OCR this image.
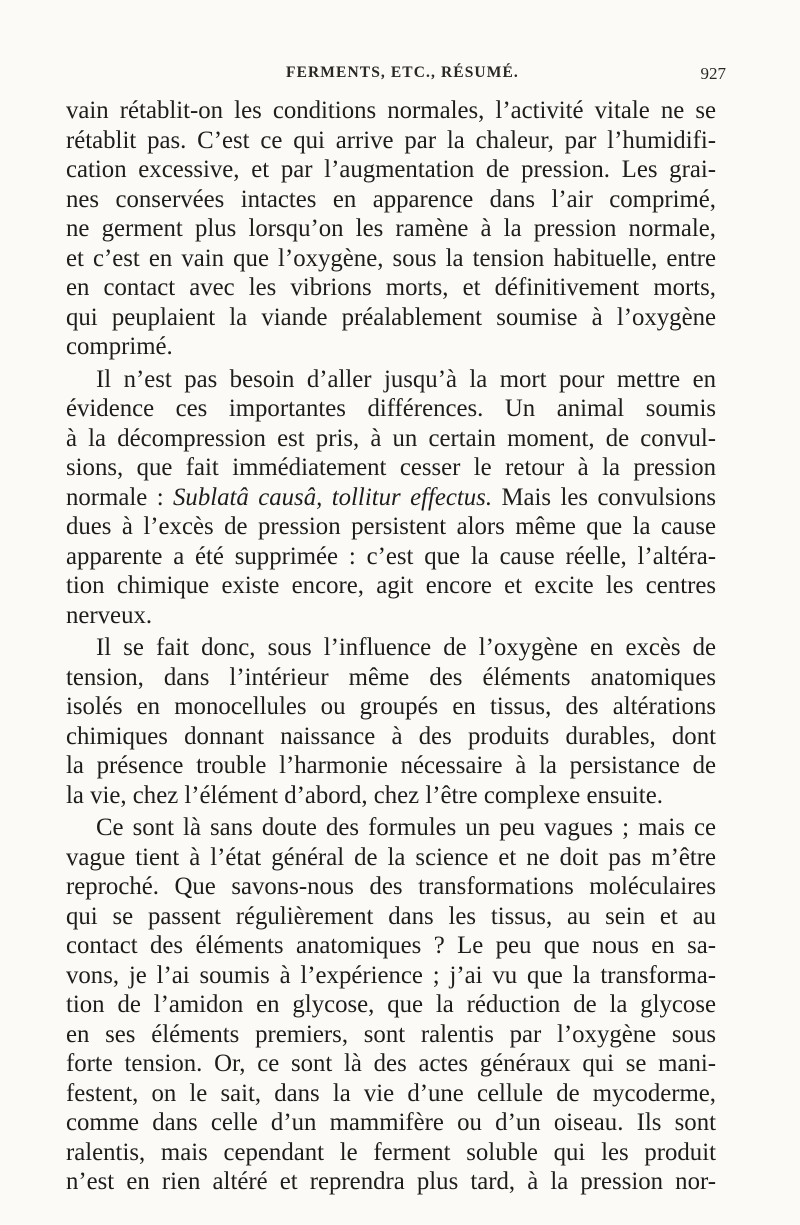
FERMENTS, ETC., RÉSUMÉ.	927
vain rétablit-on les conditions normales, l’activité vitale ne se
rétablit pas. C’est ce qui arrive par la chaleur, par l’humidifi-
cation excessive, et par l’augmentation de pression. Les grai-
nes conservées intactes en apparence dans l’air comprimé,
ne germent plus lorsqu’on les ramène à la pression normale,
et c’est en vain que l’oxygène, sous la tension habituelle, entre
en contact avec les vibrions morts, et définitivement morts,
qui peuplaient la viande préalablement soumise à l’oxygène
comprimé.
Il n’est pas besoin d’aller jusqu’à la mort pour mettre en
évidence ces importantes différences. Un animal soumis
à la décompression est pris, à un certain moment, de convul-
sions, que fait immédiatement cesser le retour à la pression
normale : Sublatâ causâ, tollitur effectus. Mais les convulsions
dues à l’excès de pression persistent alors même que la cause
apparente a été supprimée : c’est que la cause réelle, l’altéra-
tion chimique existe encore, agit encore et excite les centres
nerveux.
Il se fait donc, sous l’influence de l’oxygène en excès de
tension, dans l’intérieur même des éléments anatomiques
isolés en monocellules ou groupés en tissus, des altérations
chimiques donnant naissance à des produits durables, dont
la présence trouble l’harmonie nécessaire à la persistance de
la vie, chez l’élément d’abord, chez l’être complexe ensuite.
Ce sont là sans doute des formules un peu vagues ; mais ce
vague tient à l’état général de la science et ne doit pas m’être
reproché. Que savons-nous des transformations moléculaires
qui se passent régulièrement dans les tissus, au sein et au
contact des éléments anatomiques ? Le peu que nous en sa-
vons, je l’ai soumis à l’expérience ; j’ai vu que la transforma-
tion de l’amidon en glycose, que la réduction de la glycose
en ses éléments premiers, sont ralentis par l’oxygène sous
forte tension. Or, ce sont là des actes généraux qui se mani-
festent, on le sait, dans la vie d’une cellule de mycoderme,
comme dans celle d’un mammifère ou d’un oiseau. Ils sont
ralentis, mais cependant le ferment soluble qui les produit
n’est en rien altéré et reprendra plus tard, à la pression nor-
